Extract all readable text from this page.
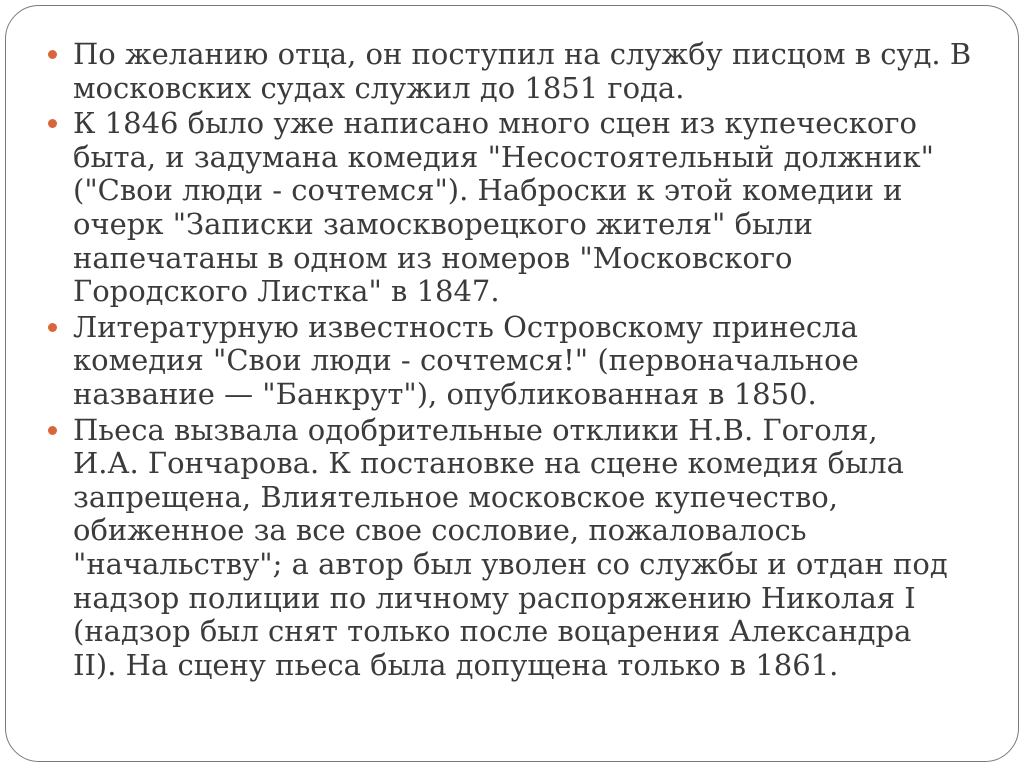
По желанию отца, он поступил на службу писцом в суд. В
московских судах служил до 1851 года.
К 1846 было уже написано много сцен из купеческого
быта, и задумана комедия "Несостоятельный должник"
("Свои люди - сочтемся"). Наброски к этой комедии и
очерк "Записки замоскворецкого жителя" были
напечатаны в одном из номеров "Московского
Городского Листка" в 1847.
Литературную известность Островскому принесла
комедия "Свои люди - сочтемся!" (первоначальное
название — "Банкрут"), опубликованная в 1850.
Пьеса вызвала одобрительные отклики Н.В. Гоголя,
И.А. Гончарова. К постановке на сцене комедия была
запрещена, Влиятельное московское купечество,
обиженное за все свое сословие, пожаловалось
"начальству"; а автор был уволен со службы и отдан под
надзор полиции по личному распоряжению Николая I
(надзор был снят только после воцарения Александра
II). На сцену пьеса была допущена только в 1861.
